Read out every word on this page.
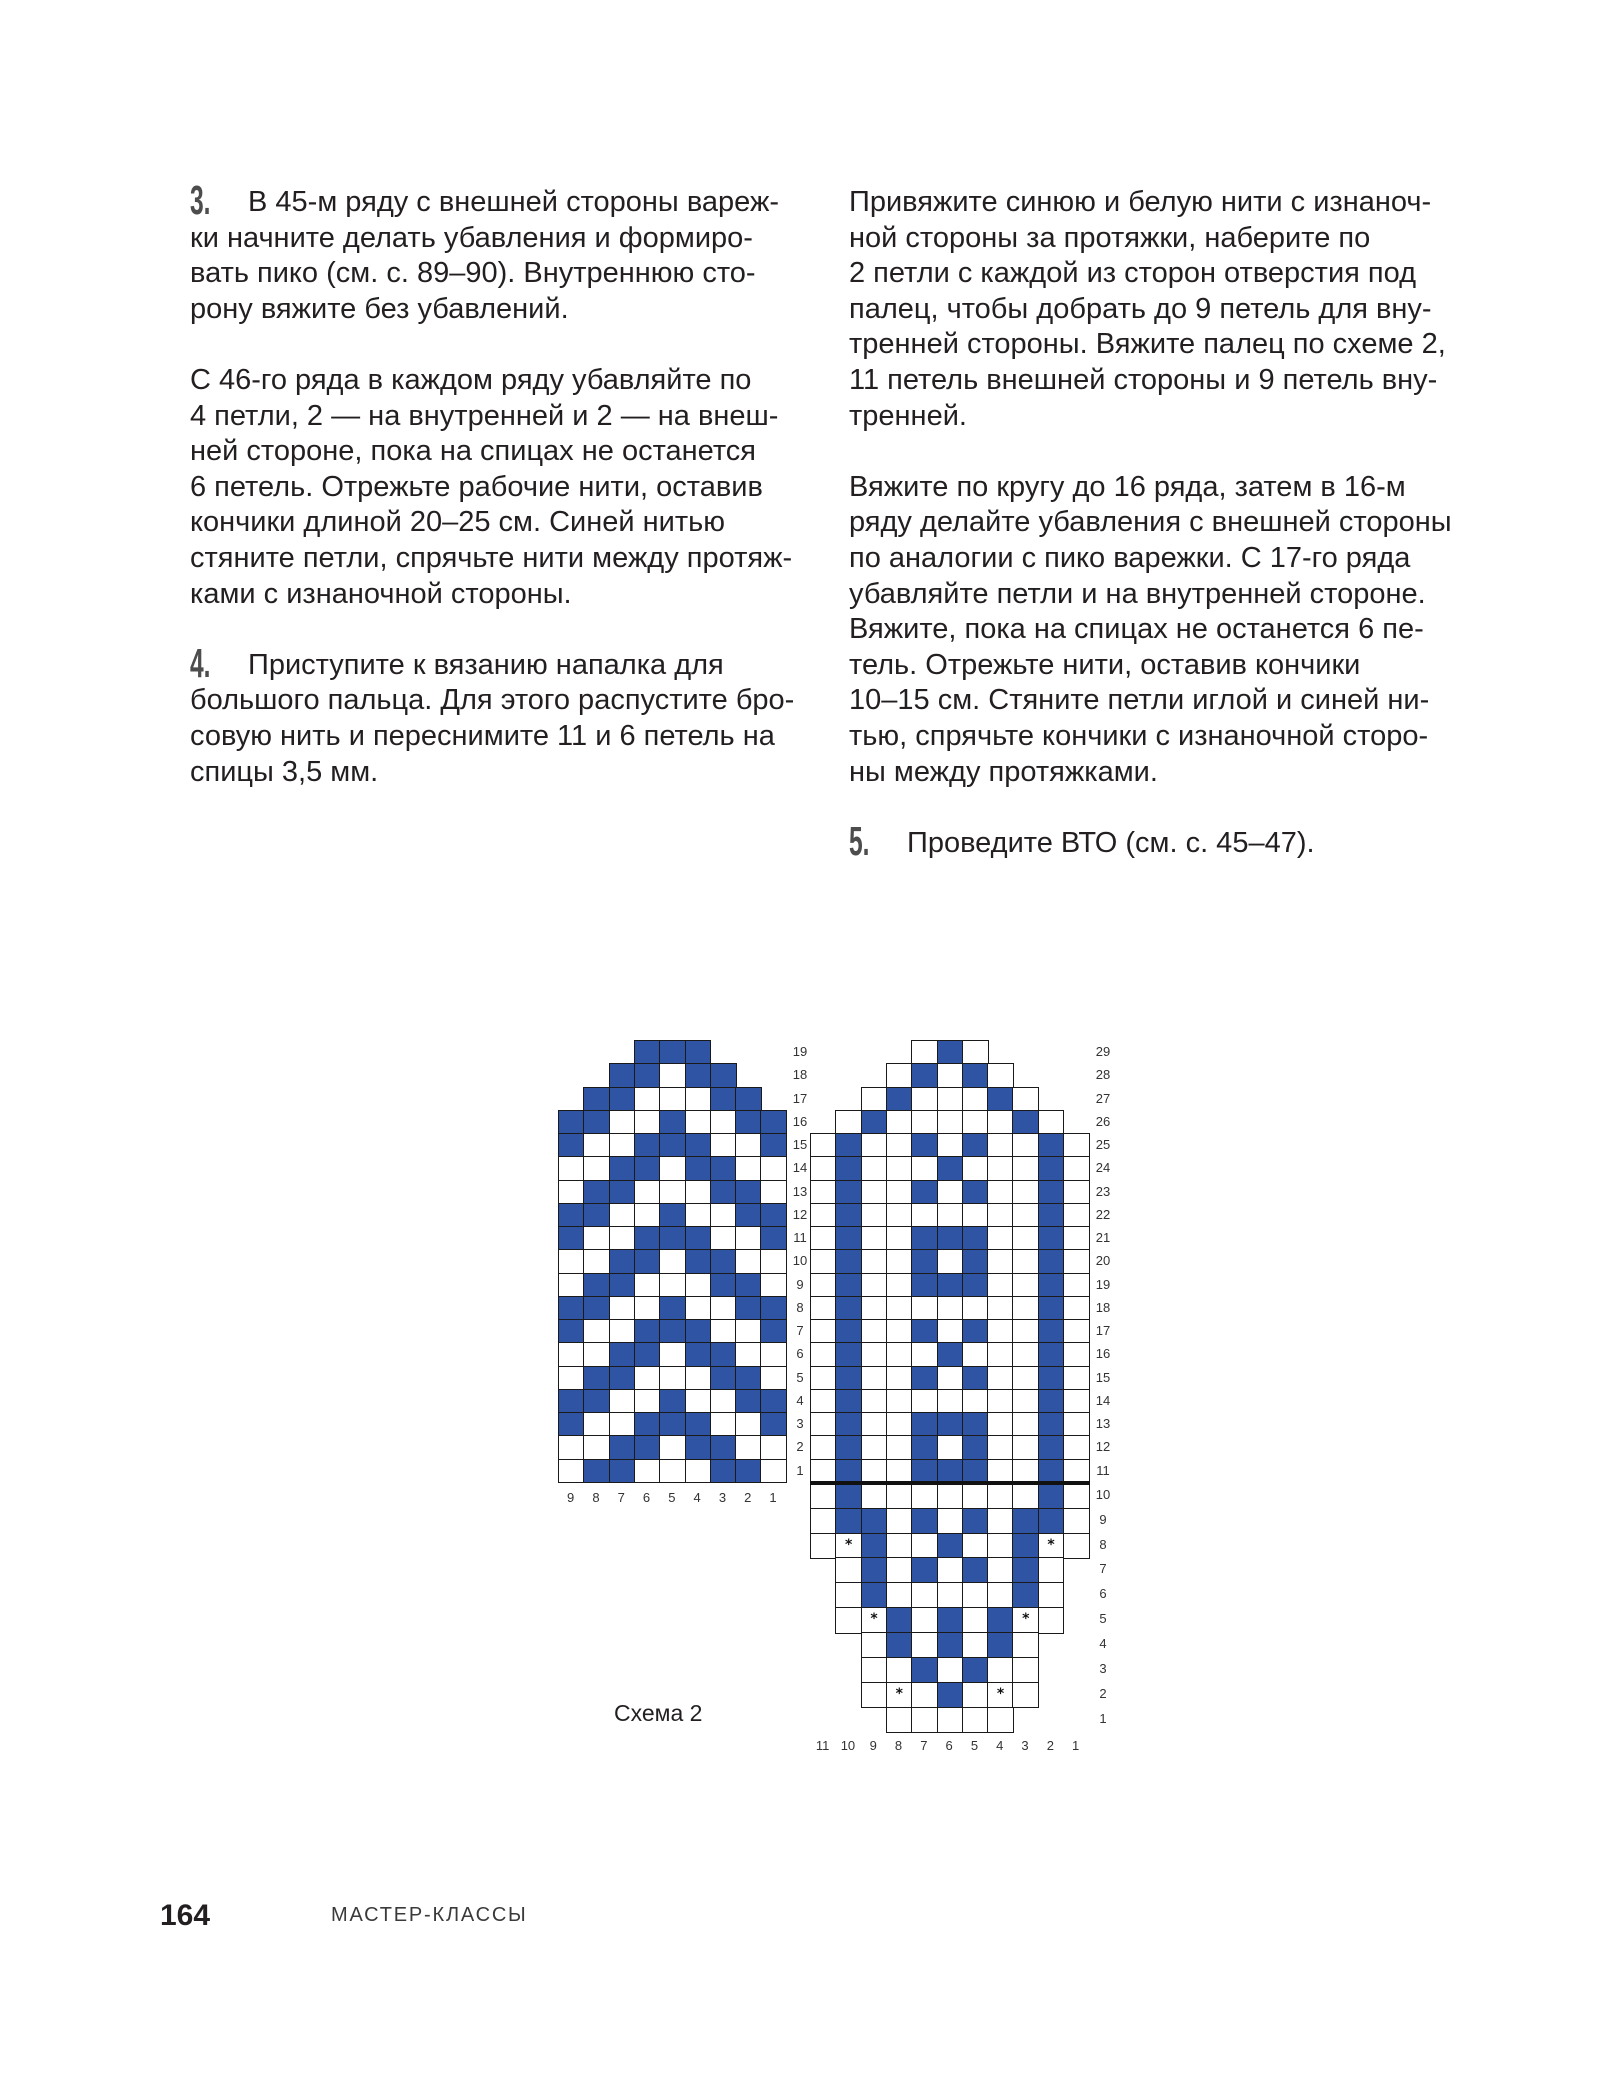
3. В 45-м ряду с внешней стороны вареж-
ки начните делать убавления и формиро-
вать пико (см. с. 89–90). Внутреннюю сто-
рону вяжите без убавлений.
С 46-го ряда в каждом ряду убавляйте по
4 петли, 2 — на внутренней и 2 — на внеш-
ней стороне, пока на спицах не останется
6 петель. Отрежьте рабочие нити, оставив
кончики длиной 20–25 см. Синей нитью
стяните петли, спрячьте нити между протяж-
ками с изнаночной стороны.
4. Приступите к вязанию напалка для
большого пальца. Для этого распустите бро-
совую нить и переснимите 11 и 6 петель на
спицы 3,5 мм.
Привяжите синюю и белую нити с изнаноч-
ной стороны за протяжки, наберите по
2 петли с каждой из сторон отверстия под
палец, чтобы добрать до 9 петель для вну-
тренней стороны. Вяжите палец по схеме 2,
11 петель внешней стороны и 9 петель вну-
тренней.
Вяжите по кругу до 16 ряда, затем в 16-м
ряду делайте убавления с внешней стороны
по аналогии с пико варежки. С 17-го ряда
убавляйте петли и на внутренней стороне.
Вяжите, пока на спицах не останется 6 пе-
тель. Отрежьте нити, оставив кончики
10–15 см. Стяните петли иглой и синей ни-
тью, спрячьте кончики с изнаночной сторо-
ны между протяжками.
5. Проведите ВТО (см. с. 45–47).
1
2
3
4
5
6
7
8
9
10
11
12
13
14
15
16
17
18
19
9	8	7	6	5	4	3	2	1
*	*
*	*
*	*
1
2
3
4
5
6
7
8
9
10
11
12
13
14
15
16
17
18
19
20
21
22
23
24
25
26
27
28
29
11 10	9	8	7	6	5	4	3	2	1
Схема 2
164	МАСТЕР-КЛАССЫ
